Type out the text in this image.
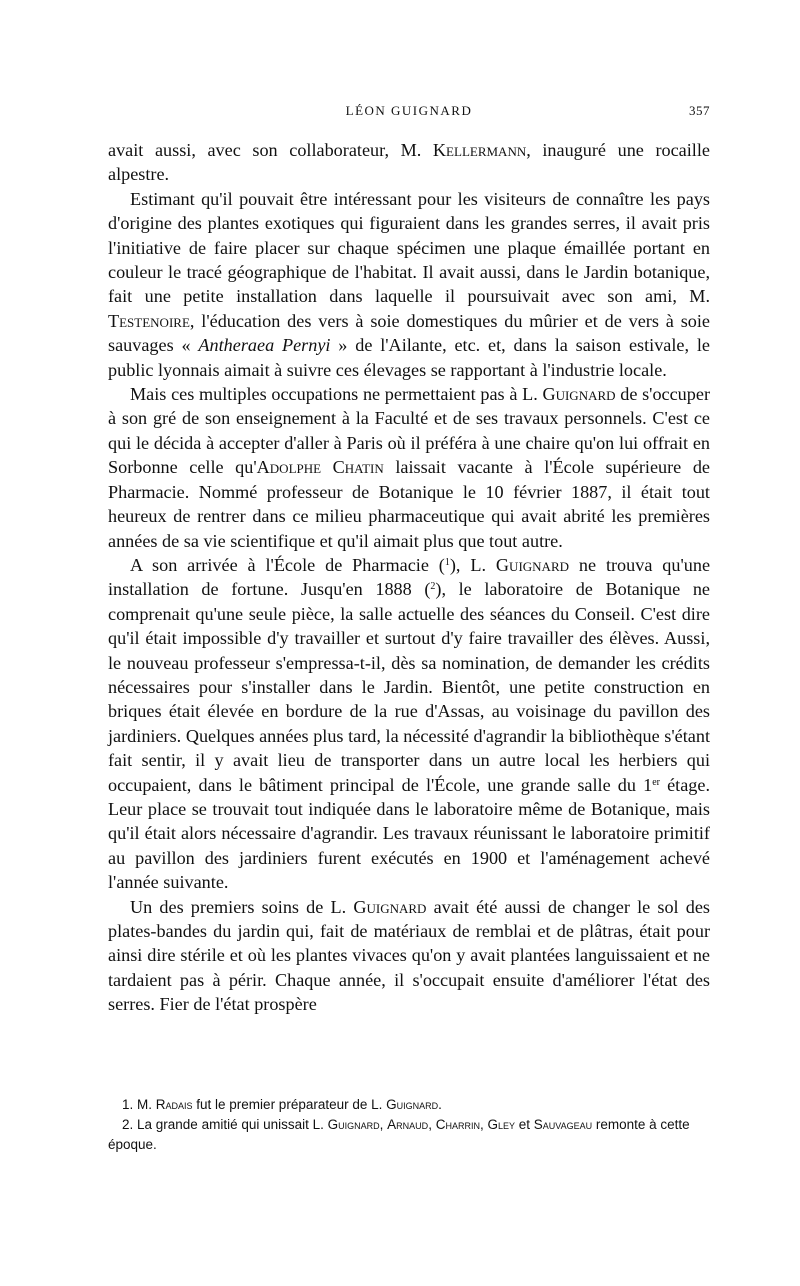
LÉON GUIGNARD	357

avait aussi, avec son collaborateur, M. Kellermann, inauguré une rocaille alpestre.

Estimant qu'il pouvait être intéressant pour les visiteurs de connaître les pays d'origine des plantes exotiques qui figuraient dans les grandes serres, il avait pris l'initiative de faire placer sur chaque spécimen une plaque émaillée portant en couleur le tracé géographique de l'habitat. Il avait aussi, dans le Jardin botanique, fait une petite installation dans laquelle il poursuivait avec son ami, M. Testenoire, l'éducation des vers à soie domestiques du mûrier et de vers à soie sauvages « Antheraea Pernyi » de l'Ailante, etc. et, dans la saison estivale, le public lyonnais aimait à suivre ces élevages se rapportant à l'industrie locale.

Mais ces multiples occupations ne permettaient pas à L. Guignard de s'occuper à son gré de son enseignement à la Faculté et de ses travaux personnels. C'est ce qui le décida à accepter d'aller à Paris où il préféra à une chaire qu'on lui offrait en Sorbonne celle qu'Adolphe Chatin laissait vacante à l'École supérieure de Pharmacie. Nommé professeur de Botanique le 10 février 1887, il était tout heureux de rentrer dans ce milieu pharmaceutique qui avait abrité les premières années de sa vie scientifique et qu'il aimait plus que tout autre.

A son arrivée à l'École de Pharmacie ($^1$), L. Guignard ne trouva qu'une installation de fortune. Jusqu'en 1888 ($^2$), le laboratoire de Botanique ne comprenait qu'une seule pièce, la salle actuelle des séances du Conseil. C'est dire qu'il était impossible d'y travailler et surtout d'y faire travailler des élèves. Aussi, le nouveau professeur s'empressa-t-il, dès sa nomination, de demander les crédits nécessaires pour s'installer dans le Jardin. Bientôt, une petite construction en briques était élevée en bordure de la rue d'Assas, au voisinage du pavillon des jardiniers. Quelques années plus tard, la nécessité d'agrandir la bibliothèque s'étant fait sentir, il y avait lieu de transporter dans un autre local les herbiers qui occupaient, dans le bâtiment principal de l'École, une grande salle du 1er étage. Leur place se trouvait tout indiquée dans le laboratoire même de Botanique, mais qu'il était alors nécessaire d'agrandir. Les travaux réunissant le laboratoire primitif au pavillon des jardiniers furent exécutés en 1900 et l'aménagement achevé l'année suivante.

Un des premiers soins de L. Guignard avait été aussi de changer le sol des plates-bandes du jardin qui, fait de matériaux de remblai et de plâtras, était pour ainsi dire stérile et où les plantes vivaces qu'on y avait plantées languissaient et ne tardaient pas à périr. Chaque année, il s'occupait ensuite d'améliorer l'état des serres. Fier de l'état prospère

1. M. Radais fut le premier préparateur de L. Guignard.

2. La grande amitié qui unissait L. Guignard, Arnaud, Charrin, Gley et Sauvageau remonte à cette époque.
